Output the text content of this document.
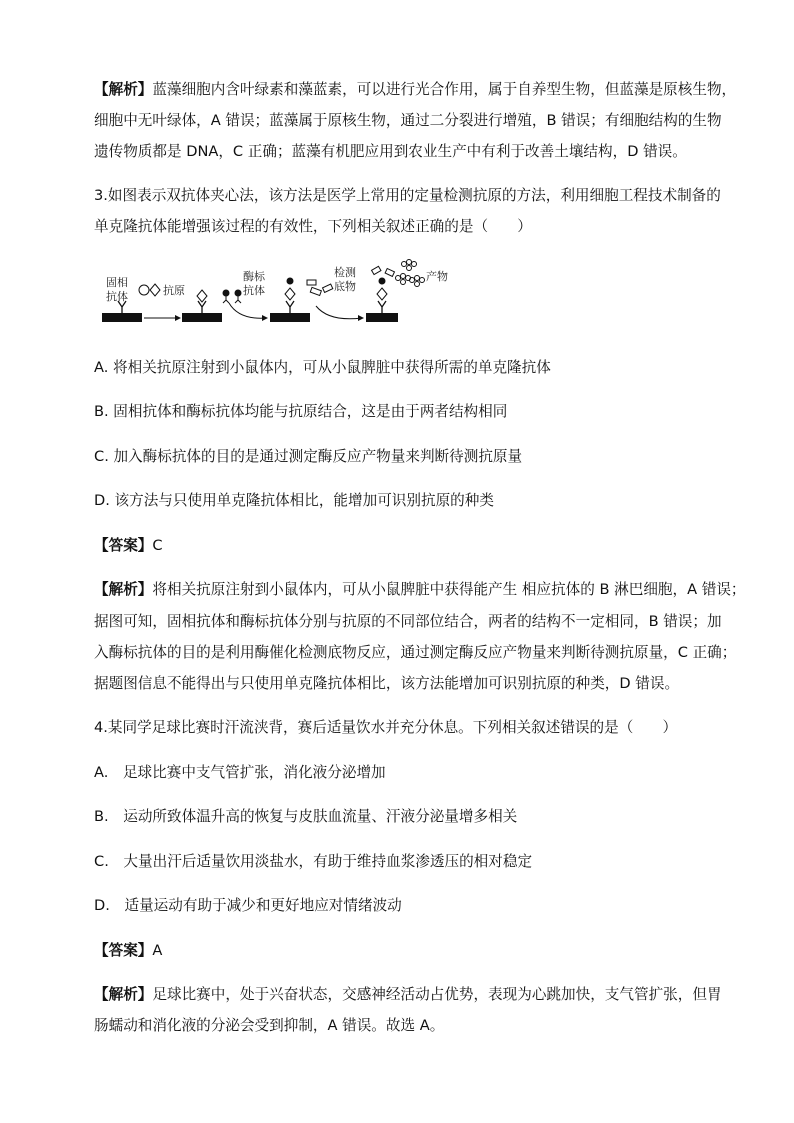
【解析】蓝藻细胞内含叶绿素和藻蓝素，可以进行光合作用，属于自养型生物，但蓝藻是原核生物，
细胞中无叶绿体，A 错误；蓝藻属于原核生物，通过二分裂进行增殖，B 错误；有细胞结构的生物
遗传物质都是 DNA，C 正确；蓝藻有机肥应用到农业生产中有利于改善土壤结构，D 错误。
3.如图表示双抗体夹心法，该方法是医学上常用的定量检测抗原的方法，利用细胞工程技术制备的
单克隆抗体能增强该过程的有效性，下列相关叙述正确的是（　　）
固相
抗体	抗原
酶标
抗体
检测
底物
产物
A. 将相关抗原注射到小鼠体内，可从小鼠脾脏中获得所需的单克隆抗体
B. 固相抗体和酶标抗体均能与抗原结合，这是由于两者结构相同
C. 加入酶标抗体的目的是通过测定酶反应产物量来判断待测抗原量
D. 该方法与只使用单克隆抗体相比，能增加可识别抗原的种类
【答案】C
【解析】将相关抗原注射到小鼠体内，可从小鼠脾脏中获得能产生 相应抗体的 B 淋巴细胞，A 错误；
据图可知，固相抗体和酶标抗体分别与抗原的不同部位结合，两者的结构不一定相同，B 错误；加
入酶标抗体的目的是利用酶催化检测底物反应，通过测定酶反应产物量来判断待测抗原量，C 正确；
据题图信息不能得出与只使用单克隆抗体相比，该方法能增加可识别抗原的种类，D 错误。
4.某同学足球比赛时汗流浃背，赛后适量饮水并充分休息。下列相关叙述错误的是（　　）
A.　足球比赛中支气管扩张，消化液分泌增加
B.　运动所致体温升高的恢复与皮肤血流量、汗液分泌量增多相关
C.　大量出汗后适量饮用淡盐水，有助于维持血浆渗透压的相对稳定
D.　适量运动有助于减少和更好地应对情绪波动
【答案】A
【解析】足球比赛中，处于兴奋状态，交感神经活动占优势，表现为心跳加快，支气管扩张，但胃
肠蠕动和消化液的分泌会受到抑制，A 错误。故选 A。
